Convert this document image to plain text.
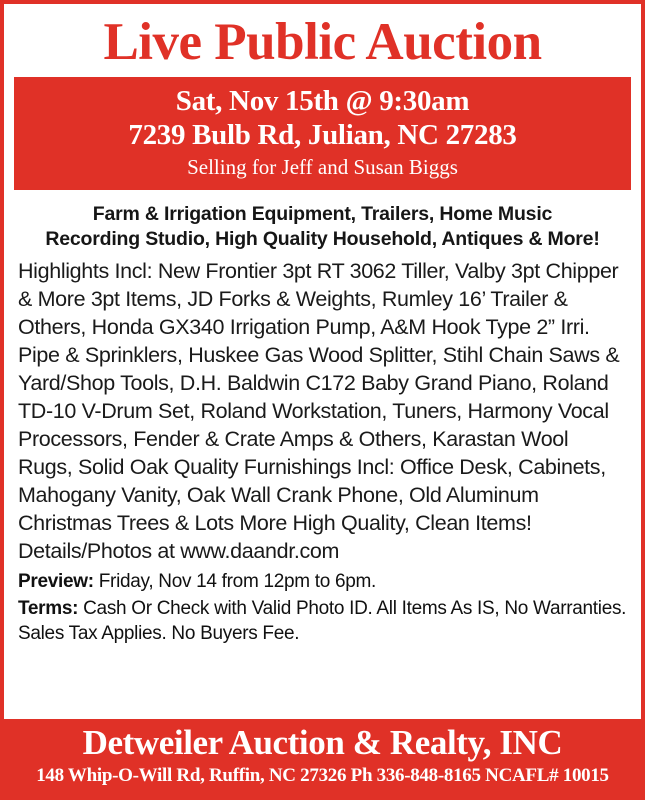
Live Public Auction
Sat, Nov 15th @ 9:30am
7239 Bulb Rd, Julian, NC 27283
Selling for Jeff and Susan Biggs
Farm & Irrigation Equipment, Trailers, Home Music
Recording Studio, High Quality Household, Antiques & More!
Highlights Incl: New Frontier 3pt RT 3062 Tiller, Valby 3pt Chipper & More 3pt Items, JD Forks & Weights, Rumley 16’ Trailer & Others, Honda GX340 Irrigation Pump, A&M Hook Type 2” Irri. Pipe & Sprinklers, Huskee Gas Wood Splitter, Stihl Chain Saws & Yard/Shop Tools, D.H. Baldwin C172 Baby Grand Piano, Roland TD-10 V-Drum Set, Roland Workstation, Tuners, Harmony Vocal Processors, Fender & Crate Amps & Others, Karastan Wool Rugs, Solid Oak Quality Furnishings Incl: Office Desk, Cabinets, Mahogany Vanity, Oak Wall Crank Phone, Old Aluminum Christmas Trees & Lots More High Quality, Clean Items! Details/Photos at www.daandr.com
Preview: Friday, Nov 14 from 12pm to 6pm.
Terms: Cash Or Check with Valid Photo ID. All Items As IS, No Warranties. Sales Tax Applies. No Buyers Fee.
Detweiler Auction & Realty, INC
148 Whip-O-Will Rd, Ruffin, NC 27326 Ph 336-848-8165 NCAFL# 10015
